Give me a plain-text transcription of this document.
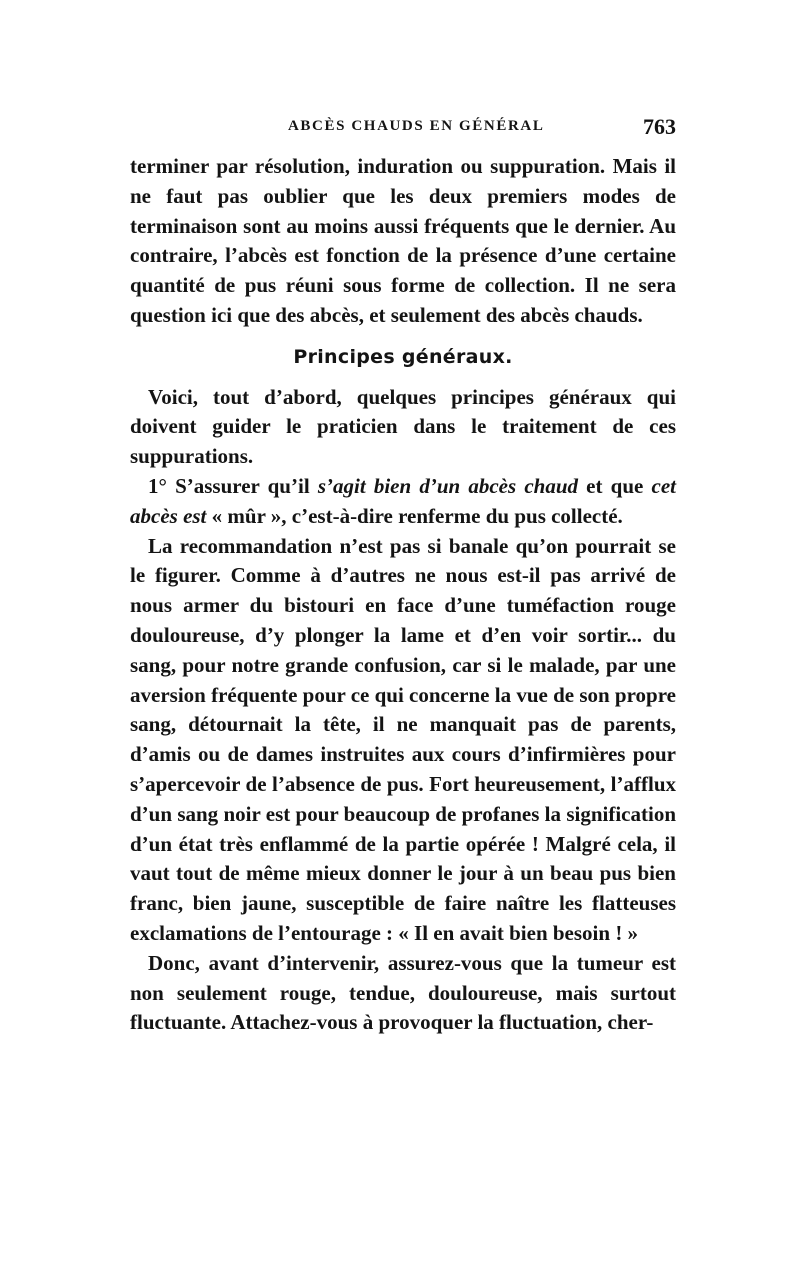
ABCÈS CHAUDS EN GÉNÉRAL	763

terminer par résolution, induration ou suppuration. Mais il ne faut pas oublier que les deux premiers modes de terminaison sont au moins aussi fréquents que le dernier. Au contraire, l’abcès est fonction de la présence d’une certaine quantité de pus réuni sous forme de collection. Il ne sera question ici que des abcès, et seulement des abcès chauds.

Principes généraux.

Voici, tout d’abord, quelques principes généraux qui doivent guider le praticien dans le traitement de ces suppurations.

1° S’assurer qu’il s’agit bien d’un abcès chaud et que cet abcès est « mûr », c’est-à-dire renferme du pus collecté.

La recommandation n’est pas si banale qu’on pourrait se le figurer. Comme à d’autres ne nous est-il pas arrivé de nous armer du bistouri en face d’une tuméfaction rouge douloureuse, d’y plonger la lame et d’en voir sortir... du sang, pour notre grande confusion, car si le malade, par une aversion fréquente pour ce qui concerne la vue de son propre sang, détournait la tête, il ne manquait pas de parents, d’amis ou de dames instruites aux cours d’infirmières pour s’apercevoir de l’absence de pus. Fort heureusement, l’afflux d’un sang noir est pour beaucoup de profanes la signification d’un état très enflammé de la partie opérée ! Malgré cela, il vaut tout de même mieux donner le jour à un beau pus bien franc, bien jaune, susceptible de faire naître les flatteuses exclamations de l’entourage : « Il en avait bien besoin ! »

Donc, avant d’intervenir, assurez-vous que la tumeur est non seulement rouge, tendue, douloureuse, mais surtout fluctuante. Attachez-vous à provoquer la fluctuation, cher-
